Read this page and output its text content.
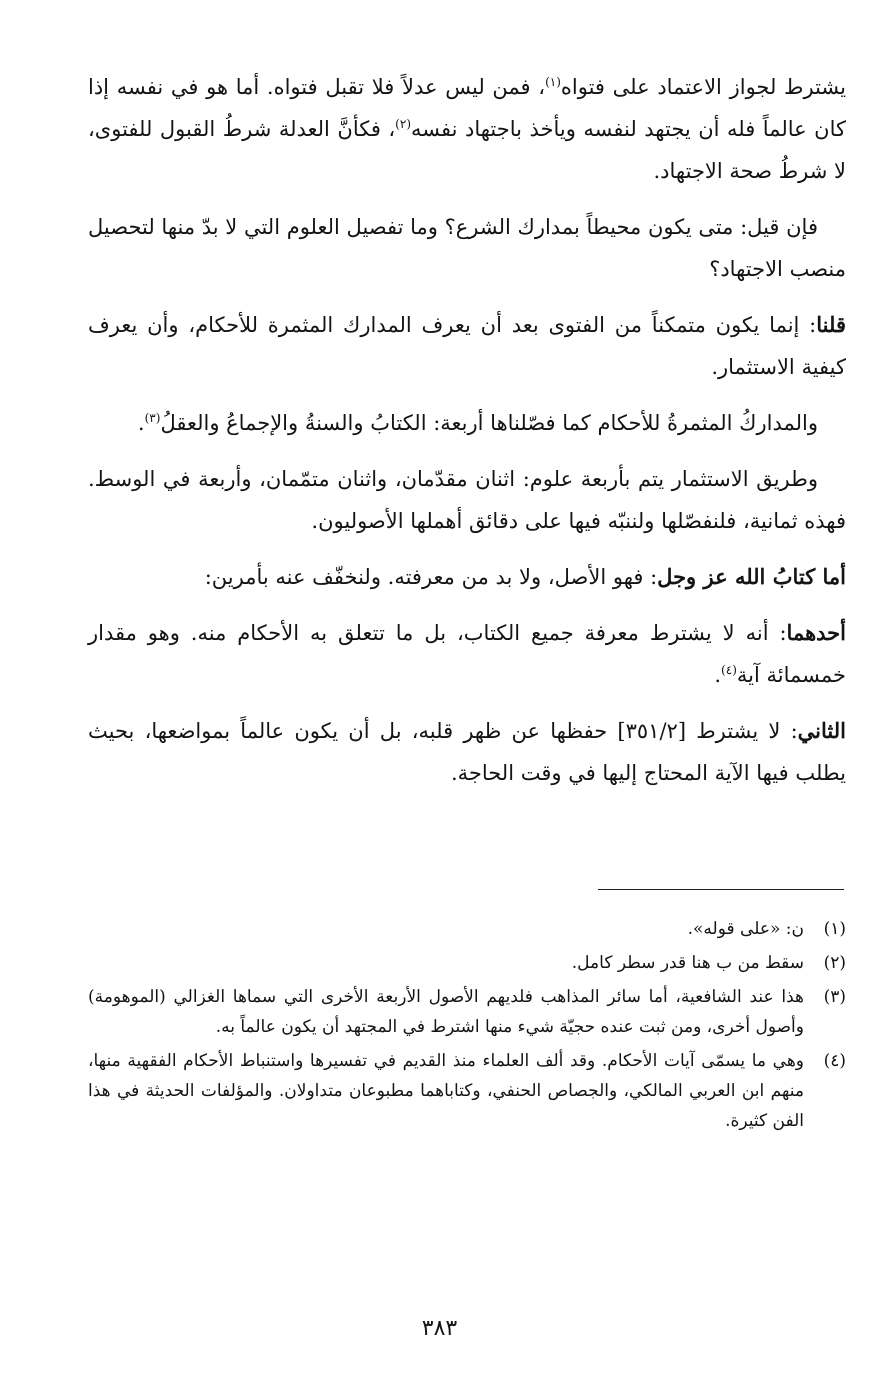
يشترط لجواز الاعتماد على فتواه$^{(١)}$، فمن ليس عدلاً فلا تقبل فتواه. أما هو في نفسه إذا كان عالماً فله أن يجتهد لنفسه ويأخذ باجتهاد نفسه$^{(٢)}$، فكأنَّ العدلة شرطُ القبول للفتوى، لا شرطُ صحة الاجتهاد.

فإن قيل: متى يكون محيطاً بمدارك الشرع؟ وما تفصيل العلوم التي لا بدّ منها لتحصيل منصب الاجتهاد؟

قلنا: إنما يكون متمكناً من الفتوى بعد أن يعرف المدارك المثمرة للأحكام، وأن يعرف كيفية الاستثمار.

والمداركُ المثمرةُ للأحكام كما فصّلناها أربعة: الكتابُ والسنةُ والإجماعُ والعقلُ$^{(٣)}$.

وطريق الاستثمار يتم بأربعة علوم: اثنان مقدّمان، واثنان متمّمان، وأربعة في الوسط. فهذه ثمانية، فلنفصّلها ولننبّه فيها على دقائق أهملها الأصوليون.

أما كتابُ الله عز وجل: فهو الأصل، ولا بد من معرفته. ولنخفّف عنه بأمرين:

أحدهما: أنه لا يشترط معرفة جميع الكتاب، بل ما تتعلق به الأحكام منه. وهو مقدار خمسمائة آية$^{(٤)}$.

الثاني: لا يشترط [٣٥١/٢] حفظها عن ظهر قلبه، بل أن يكون عالماً بمواضعها، بحيث يطلب فيها الآية المحتاج إليها في وقت الحاجة.

(١)
ن: «على قوله».
(٢)
سقط من ب هنا قدر سطر كامل.
(٣)
هذا عند الشافعية، أما سائر المذاهب فلديهم الأصول الأربعة الأخرى التي سماها الغزالي (الموهومة) وأصول أخرى، ومن ثبت عنده حجيّة شيء منها اشترط في المجتهد أن يكون عالماً به.
(٤)
وهي ما يسمّى آيات الأحكام. وقد ألف العلماء منذ القديم في تفسيرها واستنباط الأحكام الفقهية منها، منهم ابن العربي المالكي، والجصاص الحنفي، وكتاباهما مطبوعان متداولان. والمؤلفات الحديثة في هذا الفن كثيرة.
٣٨٣
